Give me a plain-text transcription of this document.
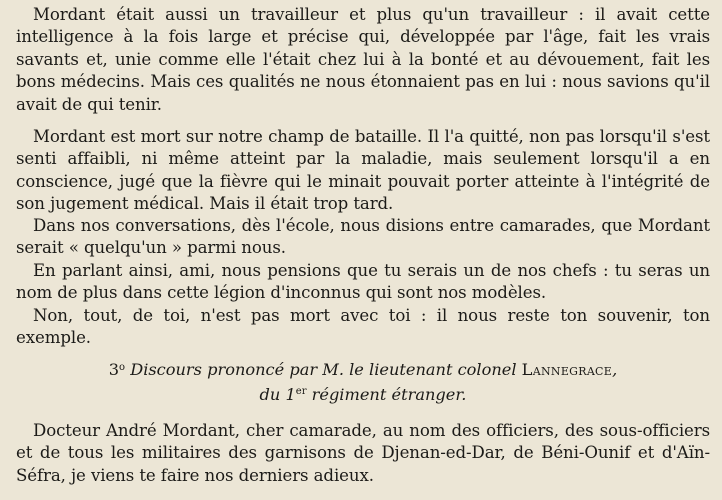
Mordant était aussi un travailleur et plus qu'un travailleur : il avait cette intelligence à la fois large et précise qui, développée par l'âge, fait les vrais savants et, unie comme elle l'était chez lui à la bonté et au dévouement, fait les bons médecins. Mais ces qualités ne nous étonnaient pas en lui : nous savions qu'il avait de qui tenir.

Mordant est mort sur notre champ de bataille. Il l'a quitté, non pas lorsqu'il s'est senti affaibli, ni même atteint par la maladie, mais seulement lorsqu'il a en conscience, jugé que la fièvre qui le minait pouvait porter atteinte à l'intégrité de son jugement médical. Mais il était trop tard.

Dans nos conversations, dès l'école, nous disions entre camarades, que Mordant serait « quelqu'un » parmi nous.

En parlant ainsi, ami, nous pensions que tu serais un de nos chefs : tu seras un nom de plus dans cette légion d'inconnus qui sont nos modèles.

Non, tout, de toi, n'est pas mort avec toi : il nous reste ton souvenir, ton exemple.

3$^o$ Discours prononcé par M. le lieutenant colonel Lannegrace,
du 1er régiment étranger.

Docteur André Mordant, cher camarade, au nom des officiers, des sous-officiers et de tous les militaires des garnisons de Djenan-ed-Dar, de Béni-Ounif et d'Aïn-Séfra, je viens te faire nos derniers adieux.
